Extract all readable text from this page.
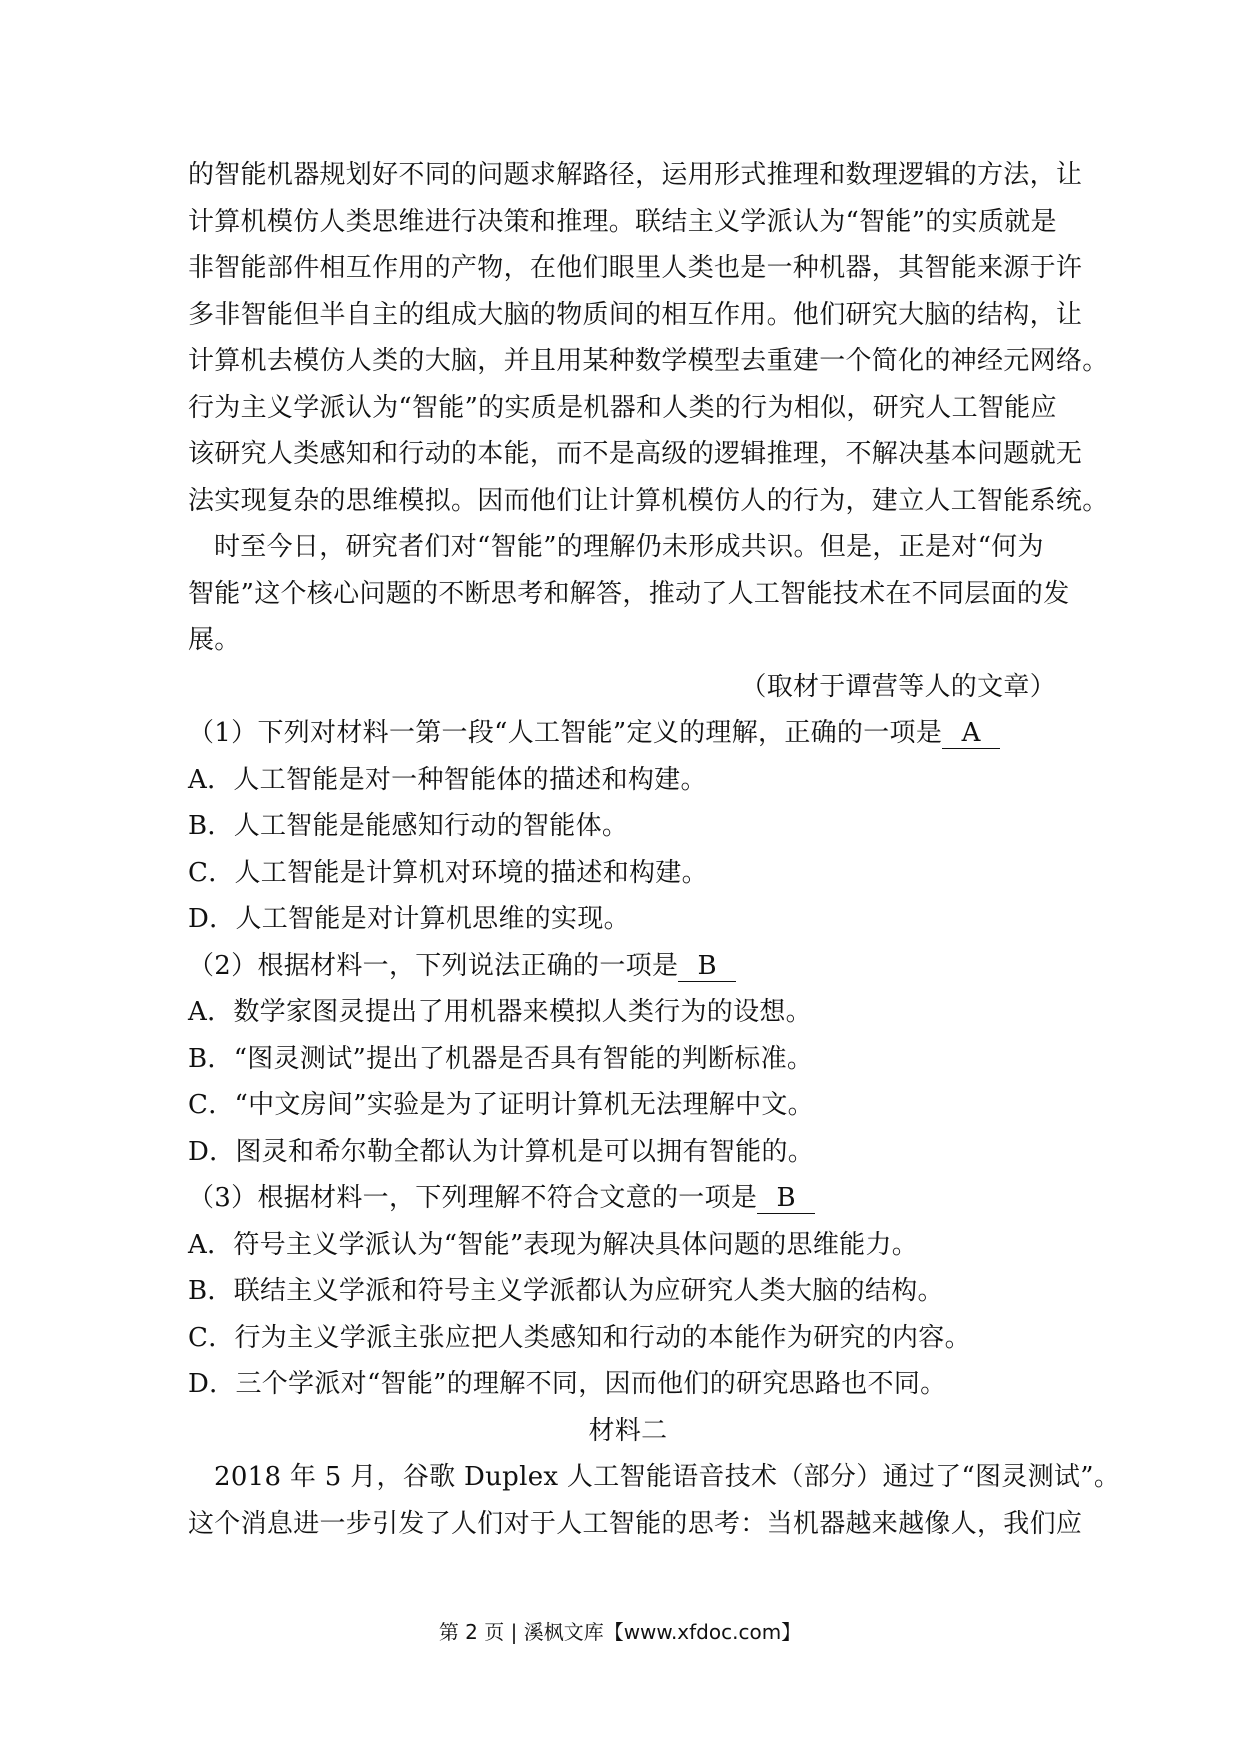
的智能机器规划好不同的问题求解路径，运用形式推理和数理逻辑的方法，让
计算机模仿人类思维进行决策和推理。联结主义学派认为“智能”的实质就是
非智能部件相互作用的产物，在他们眼里人类也是一种机器，其智能来源于许
多非智能但半自主的组成大脑的物质间的相互作用。他们研究大脑的结构，让
计算机去模仿人类的大脑，并且用某种数学模型去重建一个简化的神经元网络。
行为主义学派认为“智能”的实质是机器和人类的行为相似，研究人工智能应
该研究人类感知和行动的本能，而不是高级的逻辑推理，不解决基本问题就无
法实现复杂的思维模拟。因而他们让计算机模仿人的行为，建立人工智能系统。
时至今日，研究者们对“智能”的理解仍未形成共识。但是，正是对“何为
智能”这个核心问题的不断思考和解答，推动了人工智能技术在不同层面的发
展。
（取材于谭营等人的文章）
（1）下列对材料一第一段“人工智能”定义的理解，正确的一项是 A
A．人工智能是对一种智能体的描述和构建。
B．人工智能是能感知行动的智能体。
C．人工智能是计算机对环境的描述和构建。
D．人工智能是对计算机思维的实现。
（2）根据材料一，下列说法正确的一项是 B
A．数学家图灵提出了用机器来模拟人类行为的设想。
B．“图灵测试”提出了机器是否具有智能的判断标准。
C．“中文房间”实验是为了证明计算机无法理解中文。
D．图灵和希尔勒全都认为计算机是可以拥有智能的。
（3）根据材料一，下列理解不符合文意的一项是 B
A．符号主义学派认为“智能”表现为解决具体问题的思维能力。
B．联结主义学派和符号主义学派都认为应研究人类大脑的结构。
C．行为主义学派主张应把人类感知和行动的本能作为研究的内容。
D．三个学派对“智能”的理解不同，因而他们的研究思路也不同。
材料二
2018 年 5 月，谷歌 Duplex 人工智能语音技术（部分）通过了“图灵测试”。
这个消息进一步引发了人们对于人工智能的思考：当机器越来越像人，我们应
第 2 页 | 溪枫文库【www.xfdoc.com】
